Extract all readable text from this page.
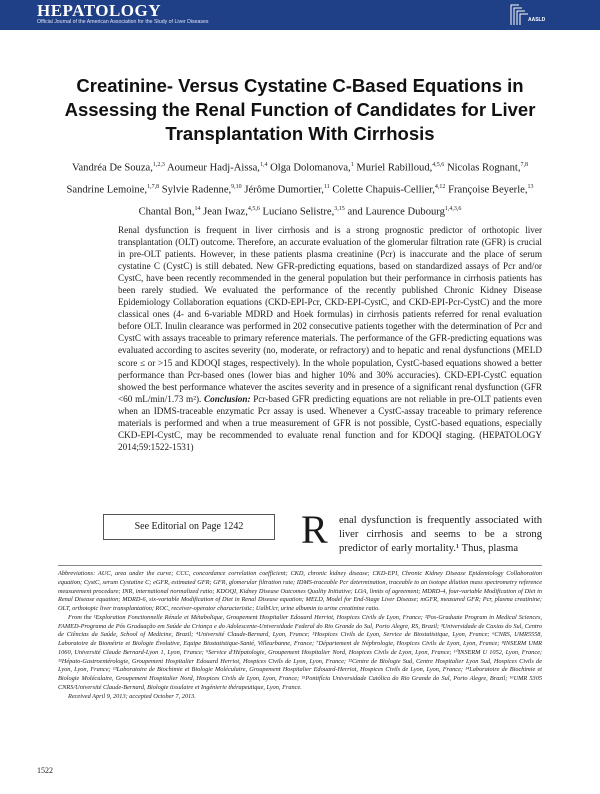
HEPATOLOGY
Official Journal of the American Association for the Study of Liver Diseases	AASLD
Creatinine- Versus Cystatine C-Based Equations in Assessing the Renal Function of Candidates for Liver Transplantation With Cirrhosis
Vandréa De Souza,$^{1,2,3}$ Aoumeur Hadj-Aissa,$^{1,4}$ Olga Dolomanova,$^1$ Muriel Rabilloud,$^{4,5,6}$ Nicolas Rognant,$^{7,8}$ Sandrine Lemoine,$^{1,7,8}$ Sylvie Radenne,$^{9,10}$ Jérôme Dumortier,$^{11}$ Colette Chapuis-Cellier,$^{4,12}$ Françoise Beyerle,$^{13}$ Chantal Bon,$^{14}$ Jean Iwaz,$^{4,5,6}$ Luciano Selistre,$^{3,15}$ and Laurence Dubourg$^{1,4,3,6}$
Renal dysfunction is frequent in liver cirrhosis and is a strong prognostic predictor of orthotopic liver transplantation (OLT) outcome. Therefore, an accurate evaluation of the glomerular filtration rate (GFR) is crucial in pre-OLT patients. However, in these patients plasma creatinine (Pcr) is inaccurate and the place of serum cystatine C (CystC) is still debated. New GFR-predicting equations, based on standardized assays of Pcr and/or CystC, have been recently recommended in the general population but their performance in cirrhosis patients has been rarely studied. We evaluated the performance of the recently published Chronic Kidney Disease Epidemiology Collaboration equations (CKD-EPI-Pcr, CKD-EPI-CystC, and CKD-EPI-Pcr-CystC) and the more classical ones (4- and 6-variable MDRD and Hoek formulas) in cirrhosis patients referred for renal evaluation before OLT. Inulin clearance was performed in 202 consecutive patients together with the determination of Pcr and CystC with assays traceable to primary reference materials. The performance of the GFR-predicting equations was evaluated according to ascites severity (no, moderate, or refractory) and to hepatic and renal dysfunctions (MELD score ≤ or >15 and KDOQI stages, respectively). In the whole population, CystC-based equations showed a better performance than Pcr-based ones (lower bias and higher 10% and 30% accuracies). CKD-EPI-CystC equation showed the best performance whatever the ascites severity and in presence of a significant renal dysfunction (GFR <60 mL/min/1.73 m²). Conclusion: Pcr-based GFR predicting equations are not reliable in pre-OLT patients even when an IDMS-traceable enzymatic Pcr assay is used. Whenever a CystC-assay traceable to primary reference materials is performed and when a true measurement of GFR is not possible, CystC-based equations, especially CKD-EPI-CystC, may be recommended to evaluate renal function and for KDOQI staging. (HEPATOLOGY 2014;59:1522-1531)
See Editorial on Page 1242	R enal dysfunction is frequently associated with liver cirrhosis and seems to be a strong predictor of early mortality.¹ Thus, plasma

Abbreviations: AUC, area under the curve; CCC, concordance correlation coefficient; CKD, chronic kidney disease; CKD-EPI, Chronic Kidney Disease Epidemiology Collaboration equation; CystC, serum Cystatine C; eGFR, estimated GFR; GFR, glomerular filtration rate; IDMS-traceable Pcr determination, traceable to an isotope dilution mass spectrometry reference measurement procedure; INR, international normalized ratio; KDOQI, Kidney Disease Outcomes Quality Initiative; LOA, limits of agreement; MDRD-4, four-variable Modification of Diet in Renal Disease equation; MDRD-6, six-variable Modification of Diet in Renal Disease equation; MELD, Model for End-Stage Liver Disease; mGFR, measured GFR; Pcr, plasma creatinine; OLT, orthotopic liver transplantation; ROC, receiver-operator characteristic; UalbUcr, urine albumin to urine creatinine ratio.

From the ¹Exploration Fonctionnelle Rénale et Métabolique, Groupement Hospitalier Edouard Herriot, Hospices Civils de Lyon, France; ²Pos-Graduate Program in Medical Sciences, FAMED-Programa de Pós Graduação em Saúde da Criança e do Adolescente-Universidade Federal do Rio Grande do Sul, Porto Alegre, RS, Brazil; ³Universidade de Caxias do Sul, Centro de Ciências da Saúde, School of Medicine, Brazil; ⁴Université Claude-Bernard, Lyon, France; ⁵Hospices Civils de Lyon, Service de Biostatistique, Lyon, France; ⁶CNRS, UMR5558, Laboratoire de Biométrie et Biologie Évolutive, Equipe Biostatistique-Santé, Villeurbanne, France; ⁷Département de Néphrologie, Hospices Civils de Lyon, Lyon, France; ⁸INSERM UMR 1060, Université Claude Bernard-Lyon 1, Lyon, France; ⁹Service d'Hépatologie, Groupement Hospitalier Nord, Hospices Civils de Lyon, Lyon, France; ¹⁰INSERM U 1052, Lyon, France; ¹¹Hépato-Gastroentérologie, Groupement Hospitalier Edouard Herriot, Hospices Civils de Lyon, Lyon, France; ¹²Centre de Biologie Sud, Centre Hospitalier Lyon Sud, Hospices Civils de Lyon, Lyon, France; ¹³Laboratoire de Biochimie et Biologie Moléculaire, Groupement Hospitalier Edouard-Herriot, Hospices Civils de Lyon, Lyon, France; ¹⁴Laboratoire de Biochimie et Biologie Moléculaire, Groupement Hospitalier Nord, Hospices Civils de Lyon, Lyon, France; ¹⁵Pontifícia Universidade Católica do Rio Grande do Sul, Porto Alegre, Brazil; ¹⁶UMR 5305 CNRS/Université Claude-Bernard, Biologie tissulaire et Ingénierie thérapeutique, Lyon, France.

Received April 9, 2013; accepted October 7, 2013.

1522
